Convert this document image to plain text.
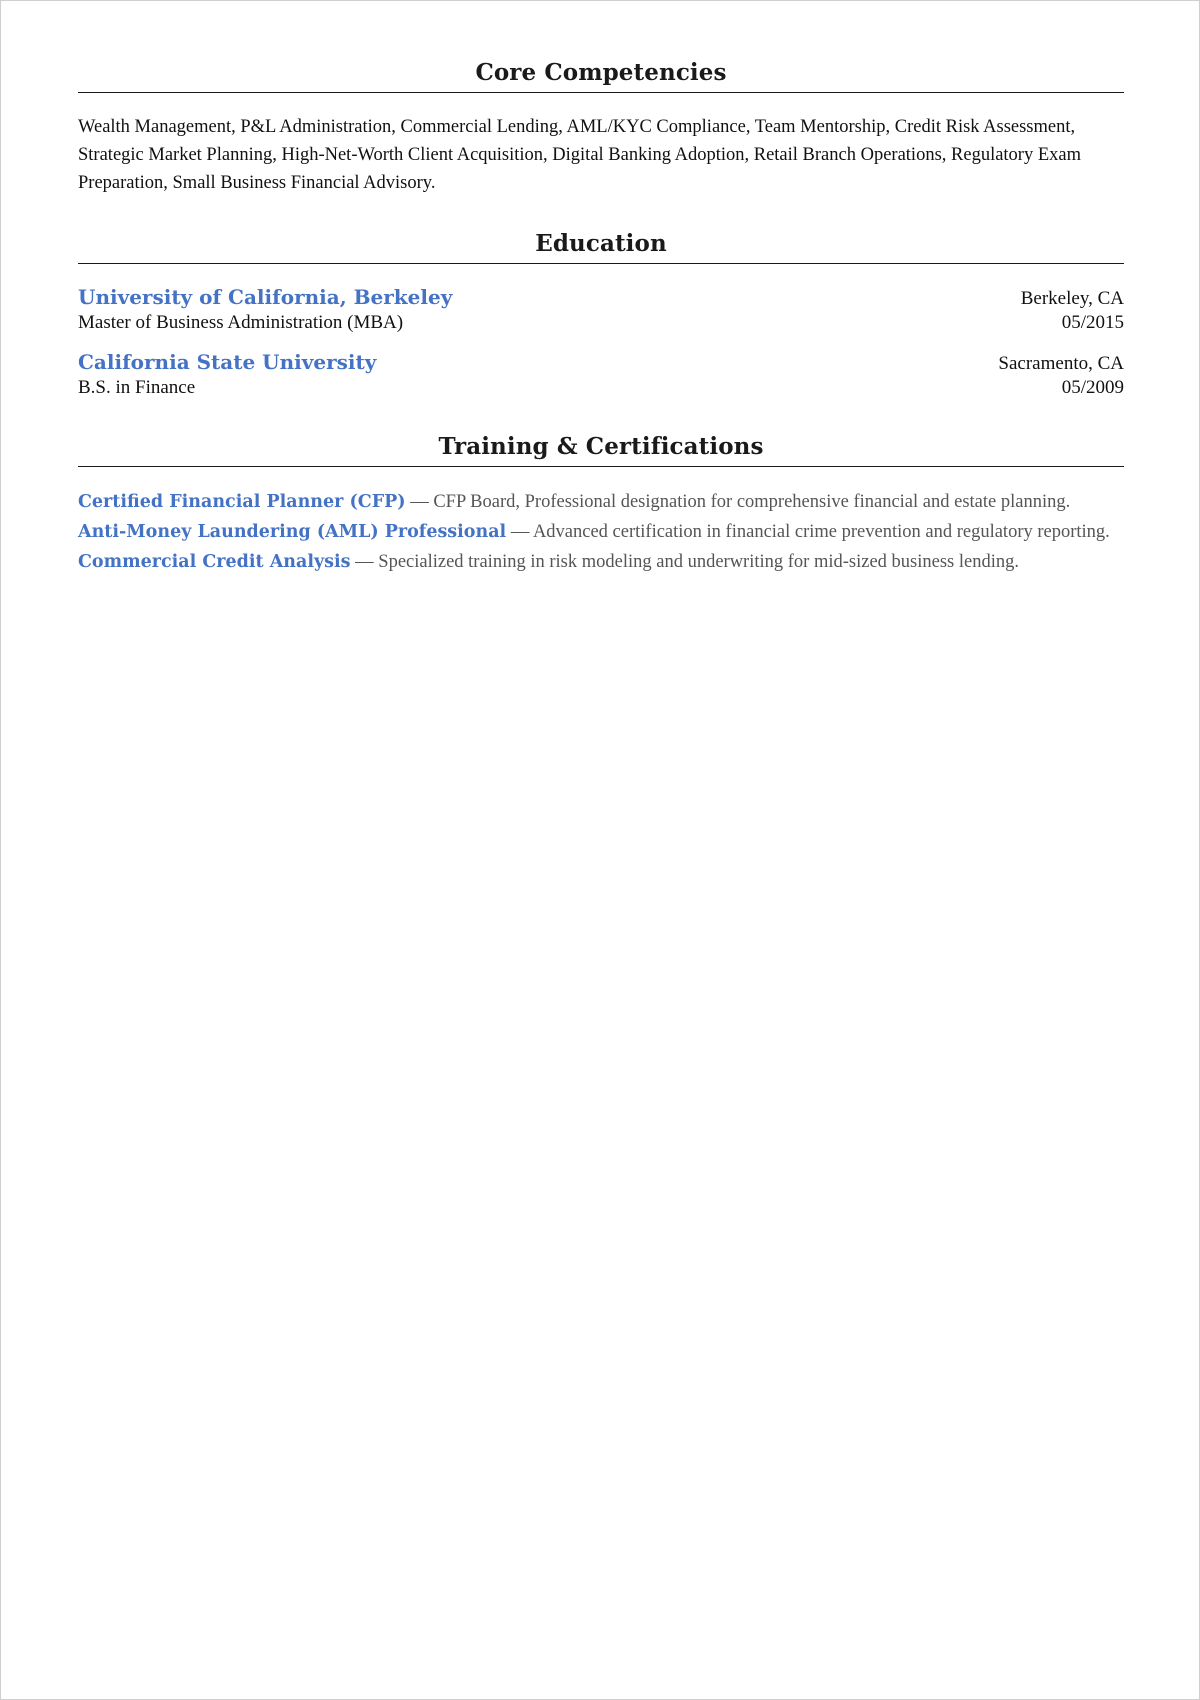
Core Competencies

Wealth Management, P&L Administration, Commercial Lending, AML/KYC Compliance, Team Mentorship, Credit Risk Assessment, Strategic Market Planning, High-Net-Worth Client Acquisition, Digital Banking Adoption, Retail Branch Operations, Regulatory Exam Preparation, Small Business Financial Advisory.

Education
University of California, Berkeley	Berkeley, CA
Master of Business Administration (MBA)	05/2015
California State University	Sacramento, CA
B.S. in Finance	05/2009
Training & Certifications
Certified Financial Planner (CFP) — CFP Board, Professional designation for comprehensive financial and estate planning.
Anti-Money Laundering (AML) Professional — Advanced certification in financial crime prevention and regulatory reporting.
Commercial Credit Analysis — Specialized training in risk modeling and underwriting for mid-sized business lending.
